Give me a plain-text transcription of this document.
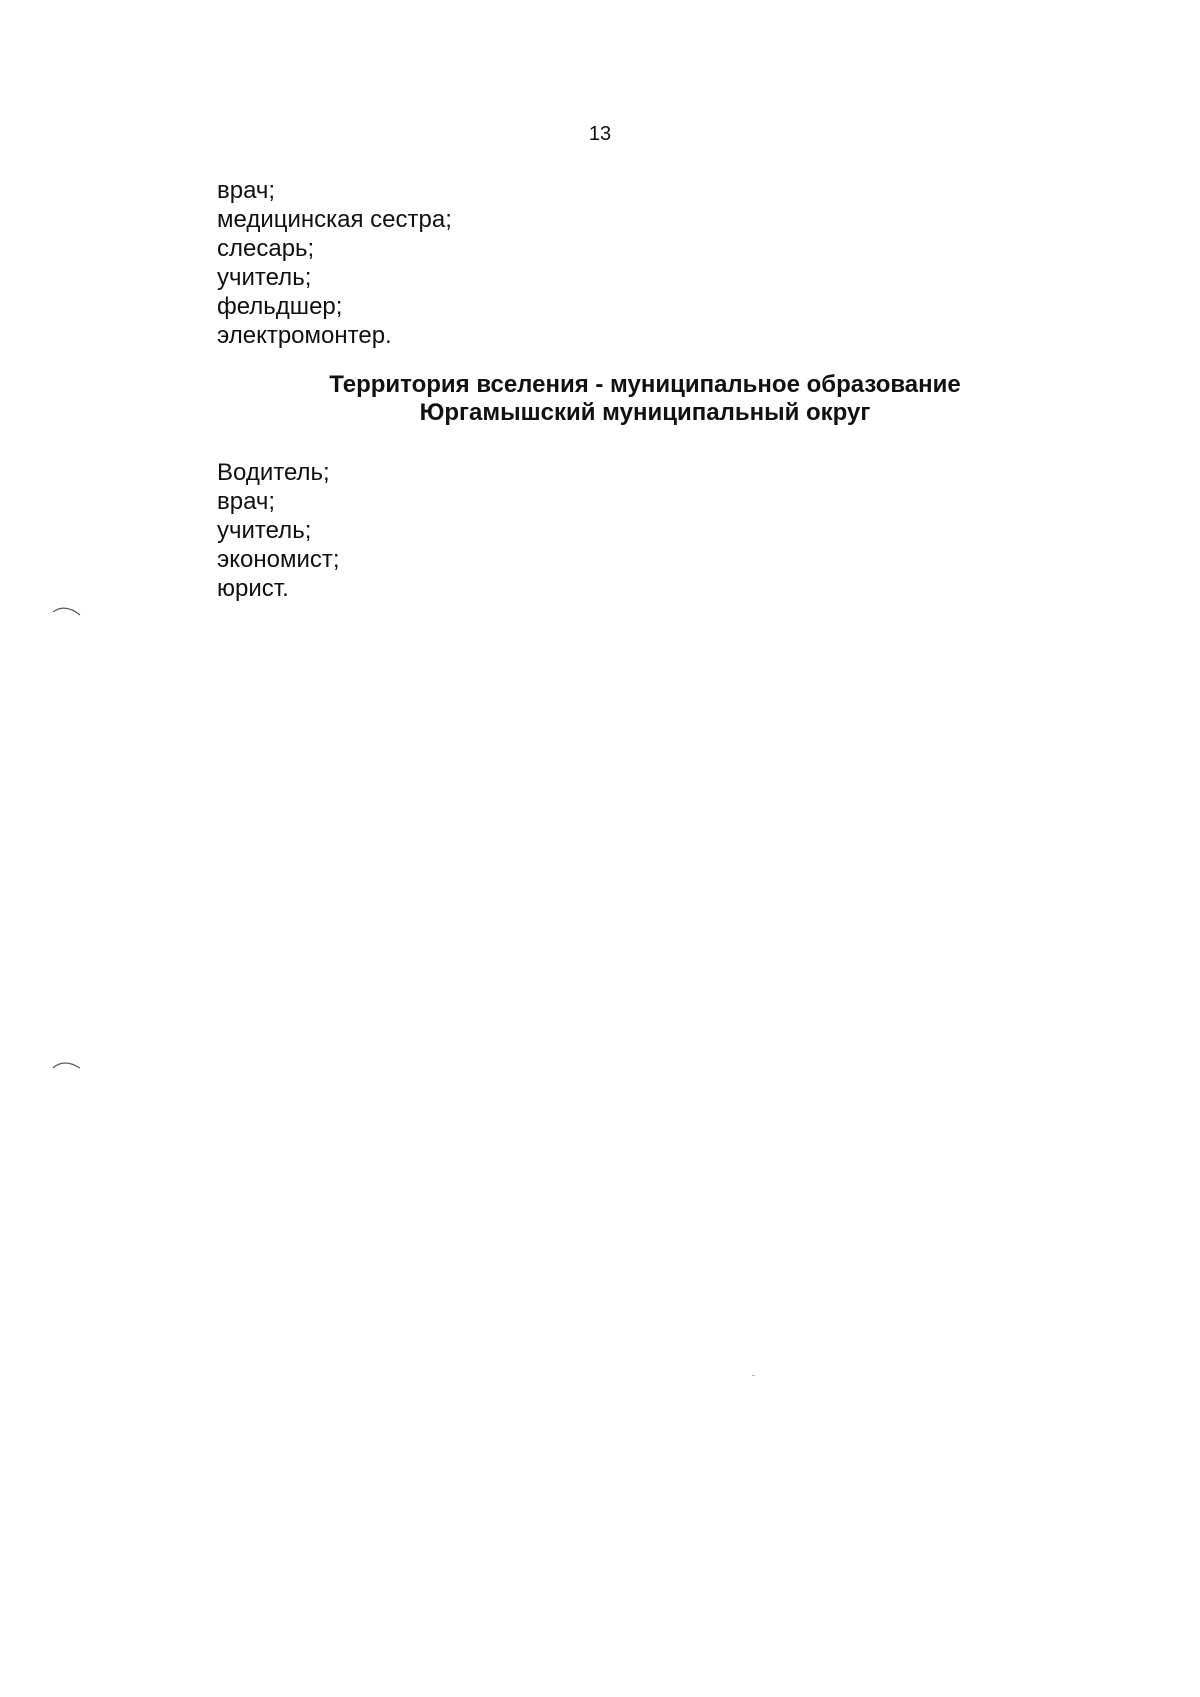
13
врач;
медицинская сестра;
слесарь;
учитель;
фельдшер;
электромонтер.
Территория вселения - муниципальное образование
Юргамышский муниципальный округ
Водитель;
врач;
учитель;
экономист;
юрист.
